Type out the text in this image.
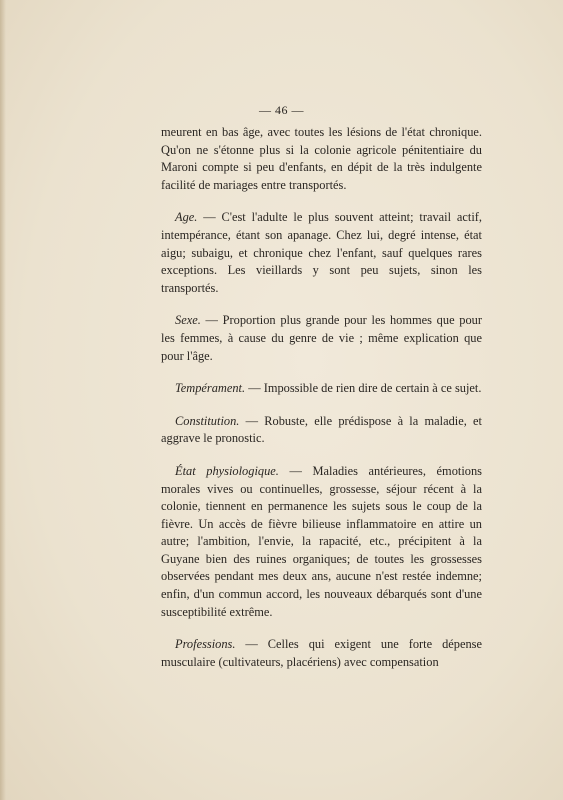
— 46 —

meurent en bas âge, avec toutes les lésions de l'état chronique. Qu'on ne s'étonne plus si la colonie agricole pénitentiaire du Maroni compte si peu d'enfants, en dépit de la très indulgente facilité de mariages entre transportés.

Age. — C'est l'adulte le plus souvent atteint; travail actif, intempérance, étant son apanage. Chez lui, degré intense, état aigu; subaigu, et chronique chez l'enfant, sauf quelques rares exceptions. Les vieillards y sont peu sujets, sinon les transportés.

Sexe. — Proportion plus grande pour les hommes que pour les femmes, à cause du genre de vie ; même explication que pour l'âge.

Tempérament. — Impossible de rien dire de certain à ce sujet.

Constitution. — Robuste, elle prédispose à la maladie, et aggrave le pronostic.

État physiologique. — Maladies antérieures, émotions morales vives ou continuelles, grossesse, séjour récent à la colonie, tiennent en permanence les sujets sous le coup de la fièvre. Un accès de fièvre bilieuse inflammatoire en attire un autre; l'ambition, l'envie, la rapacité, etc., précipitent à la Guyane bien des ruines organiques; de toutes les grossesses observées pendant mes deux ans, aucune n'est restée indemne; enfin, d'un commun accord, les nouveaux débarqués sont d'une susceptibilité extrême.

Professions. — Celles qui exigent une forte dépense musculaire (cultivateurs, placériens) avec compensation
